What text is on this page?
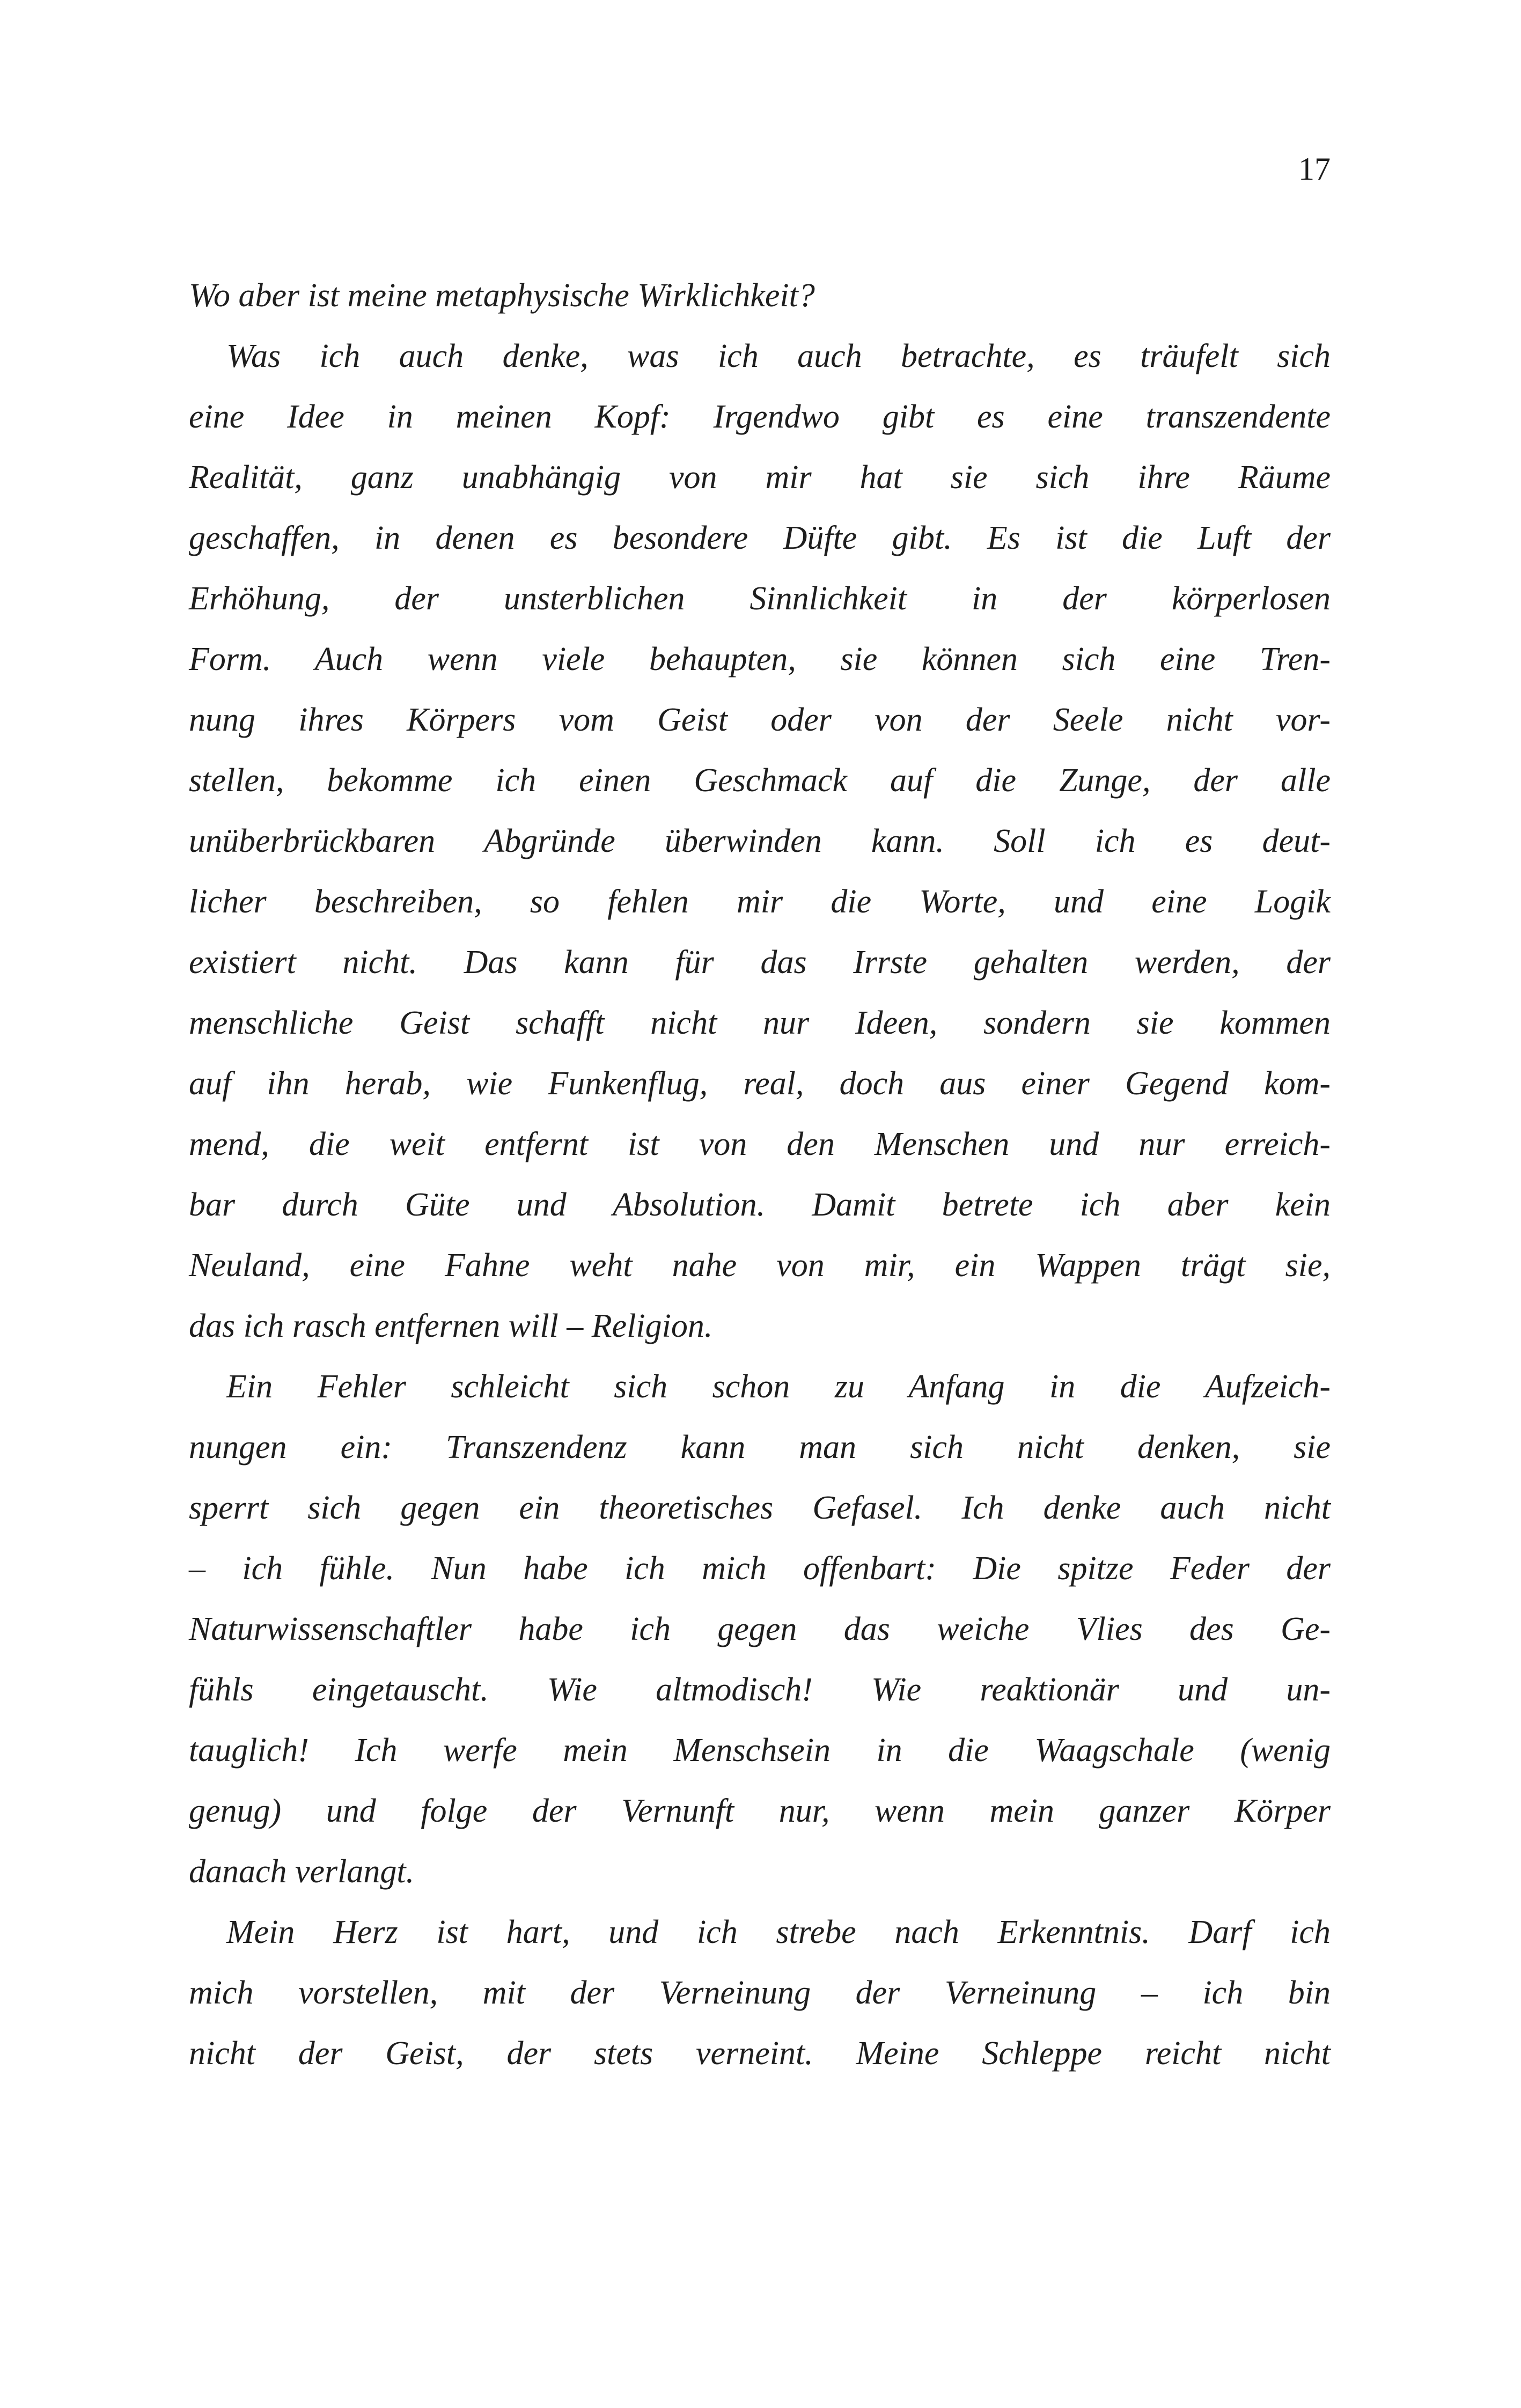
17
Wo aber ist meine metaphysische Wirklichkeit?
Was ich auch denke, was ich auch betrachte, es träufelt sich
eine Idee in meinen Kopf: Irgendwo gibt es eine transzendente
Realität, ganz unabhängig von mir hat sie sich ihre Räume
geschaffen, in denen es besondere Düfte gibt. Es ist die Luft der
Erhöhung, der unsterblichen Sinnlichkeit in der körperlosen
Form. Auch wenn viele behaupten, sie können sich eine Tren-
nung ihres Körpers vom Geist oder von der Seele nicht vor-
stellen, bekomme ich einen Geschmack auf die Zunge, der alle
unüberbrückbaren Abgründe überwinden kann. Soll ich es deut-
licher beschreiben, so fehlen mir die Worte, und eine Logik
existiert nicht. Das kann für das Irrste gehalten werden, der
menschliche Geist schafft nicht nur Ideen, sondern sie kommen
auf ihn herab, wie Funkenflug, real, doch aus einer Gegend kom-
mend, die weit entfernt ist von den Menschen und nur erreich-
bar durch Güte und Absolution. Damit betrete ich aber kein
Neuland, eine Fahne weht nahe von mir, ein Wappen trägt sie,
das ich rasch entfernen will – Religion.
Ein Fehler schleicht sich schon zu Anfang in die Aufzeich-
nungen ein: Transzendenz kann man sich nicht denken, sie
sperrt sich gegen ein theoretisches Gefasel. Ich denke auch nicht
– ich fühle. Nun habe ich mich offenbart: Die spitze Feder der
Naturwissenschaftler habe ich gegen das weiche Vlies des Ge-
fühls eingetauscht. Wie altmodisch! Wie reaktionär und un-
tauglich! Ich werfe mein Menschsein in die Waagschale (wenig
genug) und folge der Vernunft nur, wenn mein ganzer Körper
danach verlangt.
Mein Herz ist hart, und ich strebe nach Erkenntnis. Darf ich
mich vorstellen, mit der Verneinung der Verneinung – ich bin
nicht der Geist, der stets verneint. Meine Schleppe reicht nicht
